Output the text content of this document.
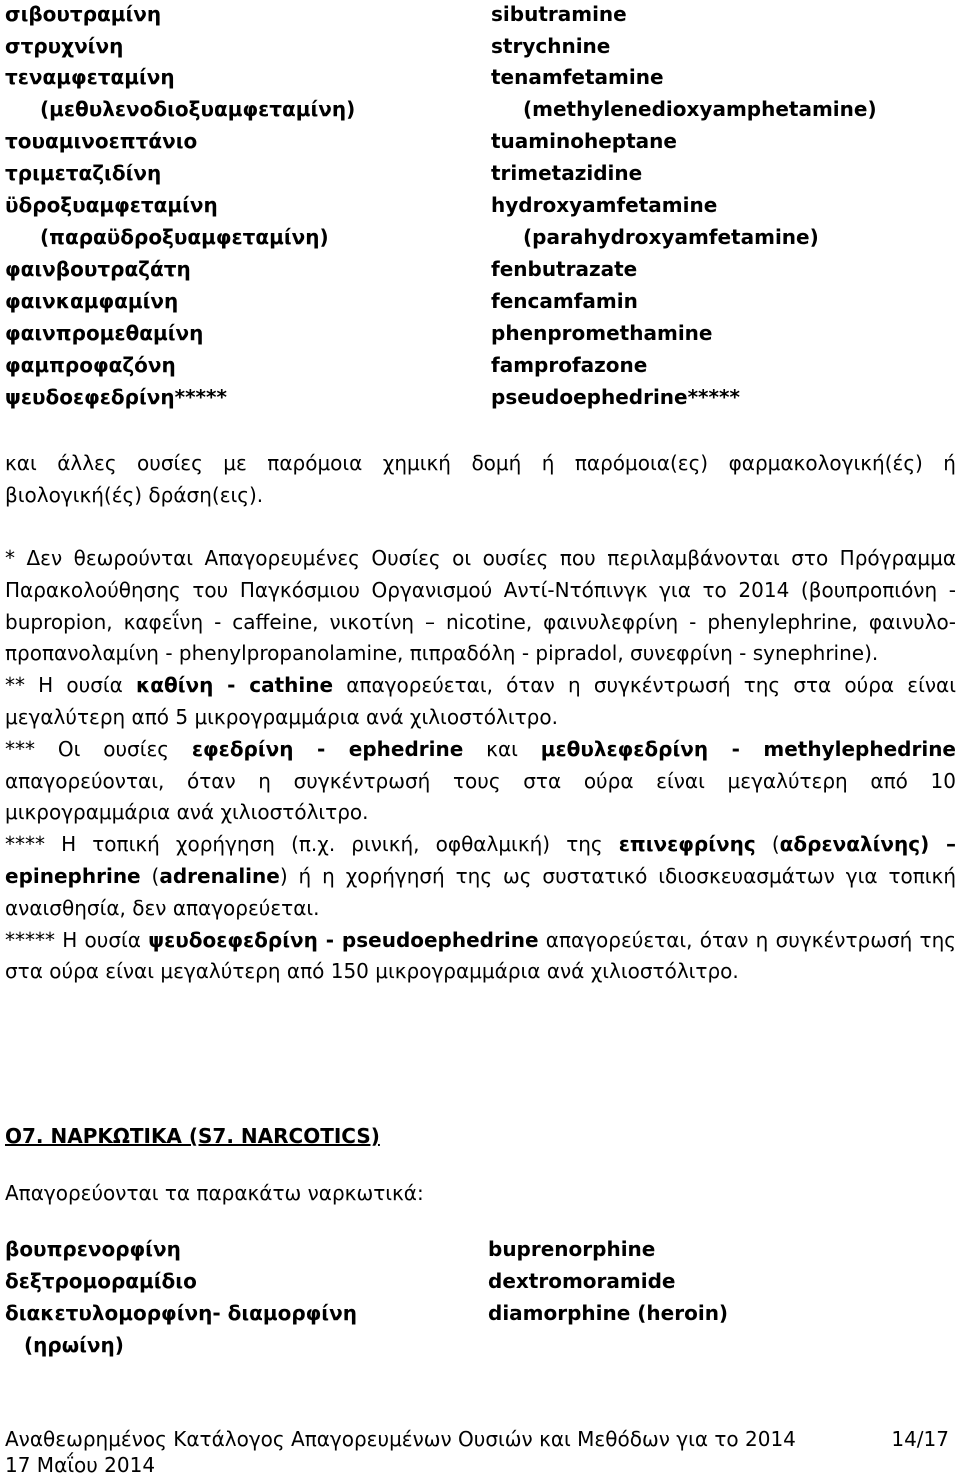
σιβουτραμίνη	sibutramine
στρυχνίνη	strychnine
τεναμφεταμίνη	tenamfetamine
(μεθυλενοδιοξυαμφεταμίνη)	(methylenedioxyamphetamine)
τουαμινοεπτάνιο	tuaminoheptane
τριμεταζιδίνη	trimetazidine
ϋδροξυαμφεταμίνη	hydroxyamfetamine
(παραϋδροξυαμφεταμίνη)	(parahydroxyamfetamine)
φαινβουτραζάτη	fenbutrazate
φαινκαμφαμίνη	fencamfamin
φαινπρομεθαμίνη	phenpromethamine
φαμπροφαζόνη	famprofazone
ψευδοεφεδρίνη*****	pseudoephedrine*****

και άλλες ουσίες με παρόμοια χημική δομή ή παρόμοια(ες) φαρμακολογική(ές) ή βιολογική(ές) δράση(εις).

* Δεν θεωρούνται Απαγορευμένες Ουσίες οι ουσίες που περιλαμβάνονται στο Πρόγραμμα Παρακολούθησης του Παγκόσμιου Οργανισμού Αντί-Ντόπινγκ για το 2014 (βουπροπιόνη - bupropion, καφεΐνη - caffeine, νικοτίνη – nicotine, φαινυλεφρίνη - phenylephrine, φαινυλο-προπανολαμίνη - phenylpropanolamine, πιπραδόλη - pipradol, συνεφρίνη - synephrine).

** Η ουσία καθίνη - cathine απαγορεύεται, όταν η συγκέντρωσή της στα ούρα είναι μεγαλύτερη από 5 μικρογραμμάρια ανά χιλιοστόλιτρο.

*** Οι ουσίες εφεδρίνη - ephedrine και μεθυλεφεδρίνη - methylephedrine απαγορεύονται, όταν η συγκέντρωσή τους στα ούρα είναι μεγαλύτερη από 10 μικρογραμμάρια ανά χιλιοστόλιτρο.

**** Η τοπική χορήγηση (π.χ. ρινική, οφθαλμική) της επινεφρίνης (αδρεναλίνης) – epinephrine (adrenaline) ή η χορήγησή της ως συστατικό ιδιοσκευασμάτων για τοπική αναισθησία, δεν απαγορεύεται.

***** Η ουσία ψευδοεφεδρίνη - pseudoephedrine απαγορεύεται, όταν η συγκέντρωσή της στα ούρα είναι μεγαλύτερη από 150 μικρογραμμάρια ανά χιλιοστόλιτρο.

Ο7. ΝΑΡΚΩΤΙΚΑ (S7. NARCOTICS)
Απαγορεύονται τα παρακάτω ναρκωτικά:
βουπρενορφίνη	buprenorphine
δεξτρομοραμίδιο	dextromoramide
διακετυλομορφίνη- διαμορφίνη	diamorphine (heroin)
(ηρωίνη)
Αναθεωρημένος Κατάλογος Απαγορευμένων Ουσιών και Μεθόδων για το 2014
17 Μαΐου 2014
14/17
